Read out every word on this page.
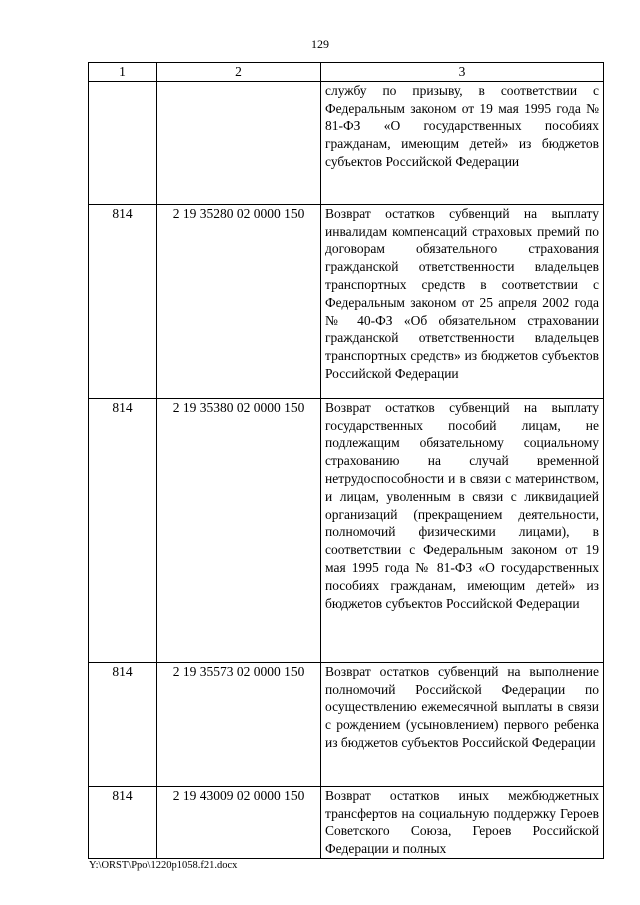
129
1	2	3
		службу по призыву, в соответствии с Федеральным законом от 19 мая 1995 года № 81-ФЗ «О государственных пособиях гражданам, имеющим детей» из бюджетов субъектов Российской Федерации
814	2 19 35280 02 0000 150	Возврат остатков субвенций на выплату инвалидам компенсаций страховых премий по договорам обязательного страхования гражданской ответственности владельцев транспортных средств в соответствии с Федеральным законом от 25 апреля 2002 года № 40-ФЗ «Об обязательном страховании гражданской ответственности владельцев транспортных средств» из бюджетов субъектов Российской Федерации
814	2 19 35380 02 0000 150	Возврат остатков субвенций на выплату государственных пособий лицам, не подлежащим обязательному социальному страхованию на случай временной нетрудоспособности и в связи с материнством, и лицам, уволенным в связи с ликвидацией организаций (прекращением деятельности, полномочий физическими лицами), в соответствии с Федеральным законом от 19 мая 1995 года № 81-ФЗ «О государственных пособиях гражданам, имеющим детей» из бюджетов субъектов Российской Федерации
814	2 19 35573 02 0000 150	Возврат остатков субвенций на выполнение полномочий Российской Федерации по осуществлению ежемесячной выплаты в связи с рождением (усыновлением) первого ребенка из бюджетов субъектов Российской Федерации
814	2 19 43009 02 0000 150	Возврат остатков иных межбюджетных трансфертов на социальную поддержку Героев Советского Союза, Героев Российской Федерации и полных
Y:\ORST\Ppo\1220p1058.f21.docx
